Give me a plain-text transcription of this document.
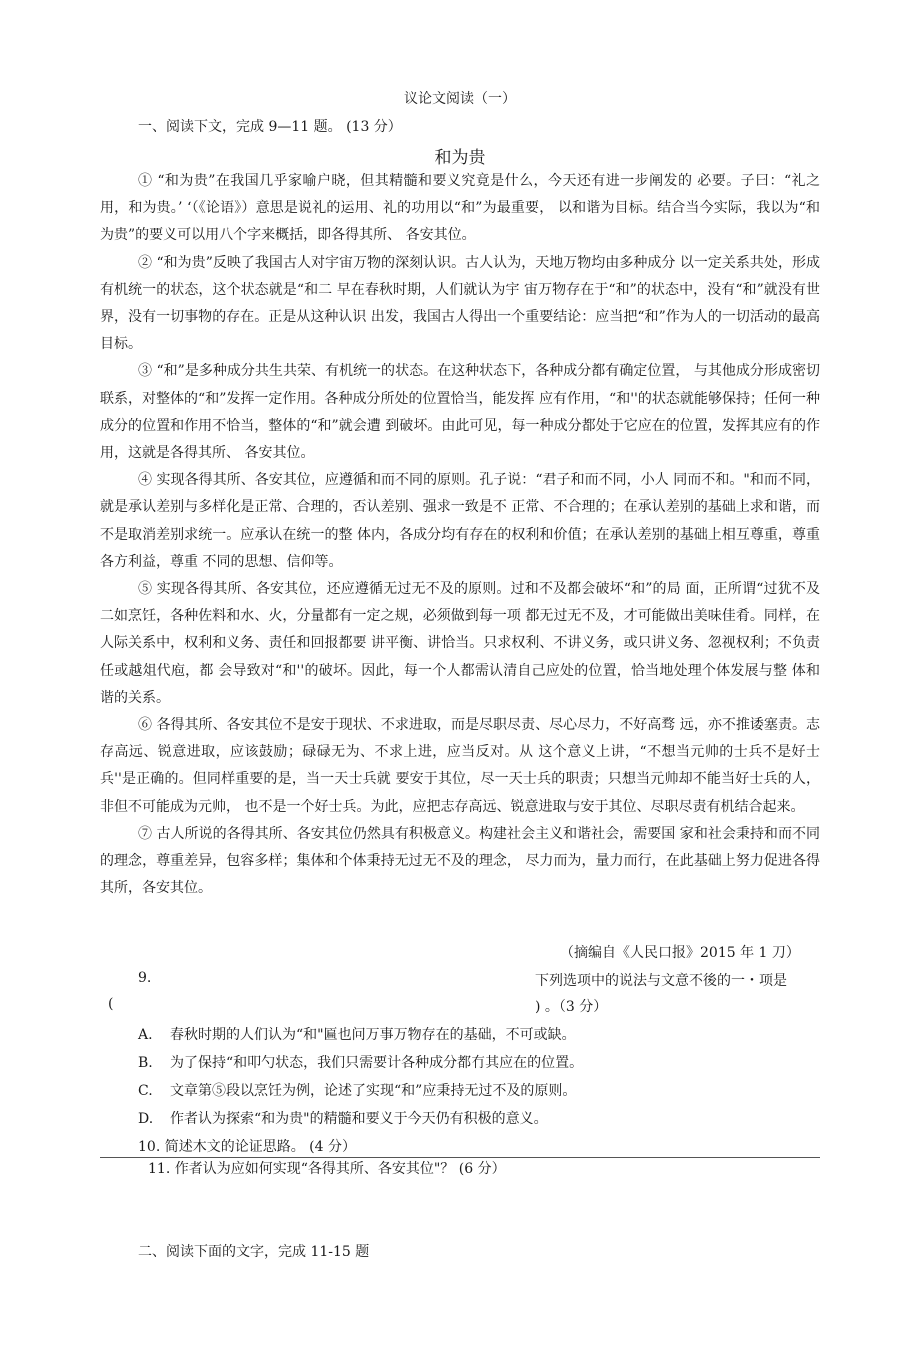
议论文阅读（一）
一、阅读下文，完成 9—11 题。 (13 分）
和为贵

① “和为贵”在我国几乎家喻户晓，但其精髓和要义究竟是什么，今天还有进一步阐发的 必要。子曰：“礼之用，和为贵。’ ‘（《论语》）意思是说礼的运用、礼的功用以“和”为最重要， 以和谐为目标。结合当今实际，我以为“和为贵”的要义可以用八个字来概括，即各得其所、 各安其位。

② “和为贵”反映了我国古人对宇宙万物的深刻认识。古人认为，天地万物均由多种成分 以一定关系共处，形成有机统一的状态，这个状态就是“和二 早在春秋时期，人们就认为宇 宙万物存在于“和”的状态中，没有“和”就没有世界，没有一切事物的存在。正是从这种认识 出发，我国古人得出一个重要结论：应当把“和”作为人的一切活动的最高目标。

③ “和”是多种成分共生共荣、有机统一的状态。在这种状态下，各种成分都有确定位置， 与其他成分形成密切联系，对整体的“和”发挥一定作用。各种成分所处的位置恰当，能发挥 应有作用，“和''的状态就能够保持；任何一种成分的位置和作用不恰当，整体的“和”就会遭 到破坏。由此可见，每一种成分都处于它应在的位置，发挥其应有的作用，这就是各得其所、 各安其位。

④ 实现各得其所、各安其位，应遵循和而不同的原则。孔子说：“君子和而不同，小人 同而不和。"和而不同，就是承认差别与多样化是正常、合理的，否认差别、强求一致是不 正常、不合理的；在承认差别的基础上求和谐，而不是取消差别求统一。应承认在统一的整 体内，各成分均有存在的权利和价值；在承认差别的基础上相互尊重，尊重各方利益，尊重 不同的思想、信仰等。

⑤ 实现各得其所、各安其位，还应遵循无过无不及的原则。过和不及都会破坏“和”的局 面，正所谓“过犹不及二如烹饪，各种佐料和水、火，分量都有一定之规，必须做到每一项 都无过无不及，才可能做出美味佳肴。同样，在人际关系中，权利和义务、责任和回报都要 讲平衡、讲恰当。只求权利、不讲义务，或只讲义务、忽视权利；不负责任或越俎代庖，都 会导致对“和''的破坏。因此，每一个人都需认清自己应处的位置，恰当地处理个体发展与整 体和谐的关系。

⑥ 各得其所、各安其位不是安于现状、不求进取，而是尽职尽责、尽心尽力，不好高骛 远，亦不推诿塞责。志存高远、锐意进取，应该鼓励；碌碌无为、不求上进，应当反对。从 这个意义上讲，“不想当元帅的士兵不是好士兵''是正确的。但同样重要的是，当一天士兵就 要安于其位，尽一天士兵的职责；只想当元帅却不能当好士兵的人，非但不可能成为元帅， 也不是一个好士兵。为此，应把志存高远、锐意进取与安于其位、尽职尽责有机结合起来。

⑦ 古人所说的各得其所、各安其位仍然具有积极意义。构建社会主义和谐社会，需要国 家和社会秉持和而不同的理念，尊重差异，包容多样；集体和个体秉持无过无不及的理念， 尽力而为，量力而行，在此基础上努力促进各得其所，各安其位。

（摘编自《人民口报》2015 年 1 刀）
9.	下列选项中的说法与文意不後的一・项是
(	) 。（3 分）
A. 春秋时期的人们认为“和"匾也问万事万物存在的基础，不可或缺。
B. 为了保持“和叩勺状态，我们只需要计各种成分都冇其应在的位置。
C. 文章第⑤段以烹饪为例，论述了实现“和”应秉持无过不及的原则。
D. 作者认为探索“和为贵"的精髓和要义于今天仍有积极的意义。
10. 简述木文的论证思路。 (4 分）
11. 作者认为应如何实现“各得其所、各安其位"？ (6 分）
二、阅读下面的文字，完成 11-15 题
